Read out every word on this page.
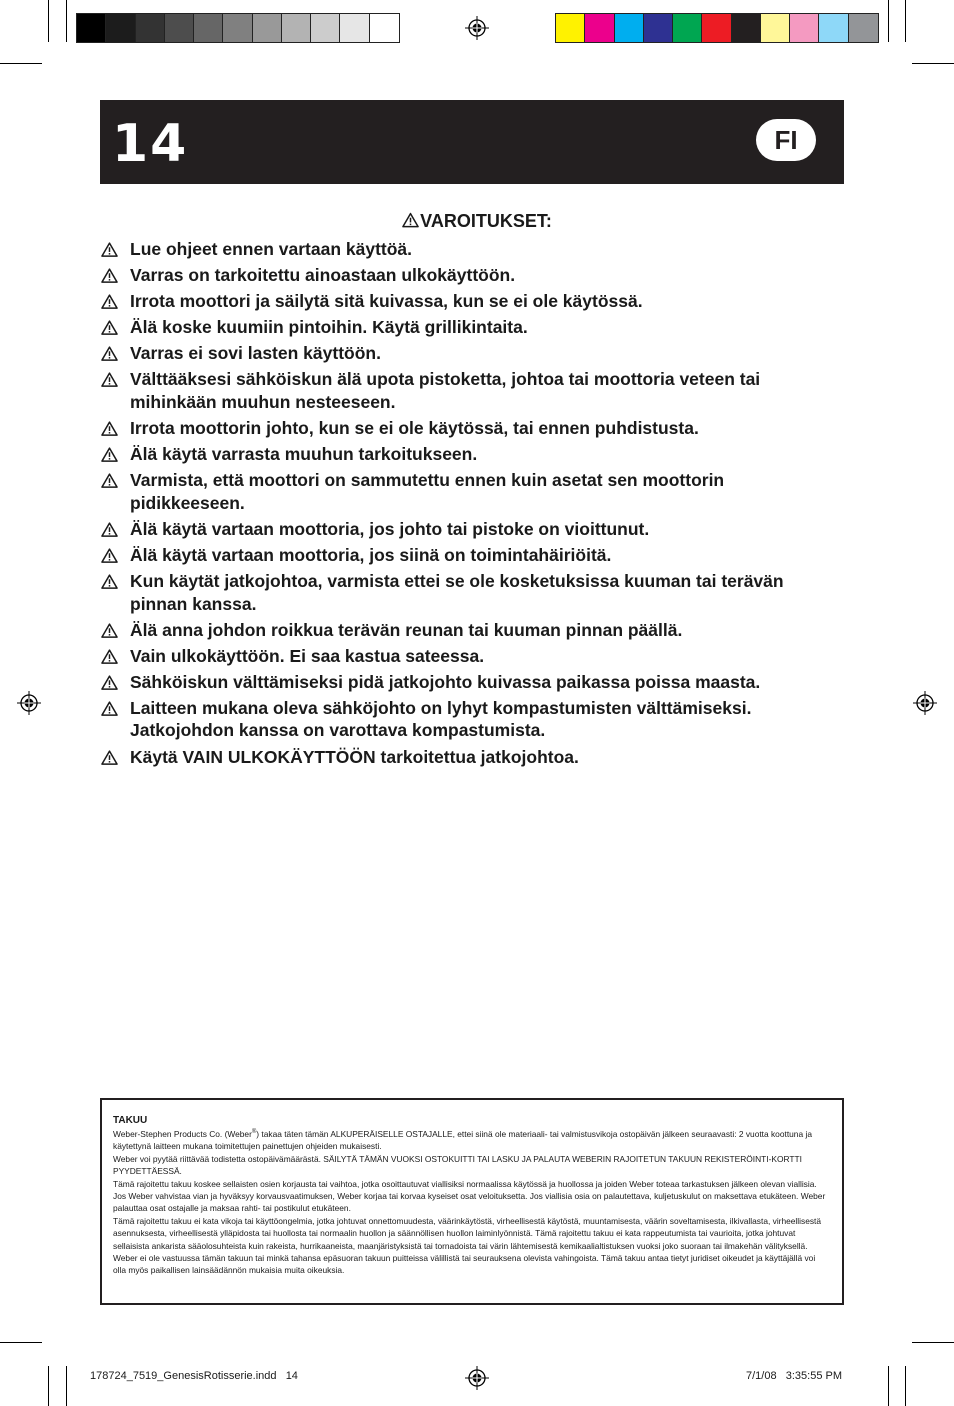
14	FI
VAROITUKSET:
Lue ohjeet ennen vartaan käyttöä.
Varras on tarkoitettu ainoastaan ulkokäyttöön.
Irrota moottori ja säilytä sitä kuivassa, kun se ei ole käytössä.
Älä koske kuumiin pintoihin. Käytä grillikintaita.
Varras ei sovi lasten käyttöön.
Välttääksesi sähköiskun älä upota pistoketta, johtoa tai moottoria veteen tai mihinkään muuhun nesteeseen.
Irrota moottorin johto, kun se ei ole käytössä, tai ennen puhdistusta.
Älä käytä varrasta muuhun tarkoitukseen.
Varmista, että moottori on sammutettu ennen kuin asetat sen moottorin pidikkeeseen.
Älä käytä vartaan moottoria, jos johto tai pistoke on vioittunut.
Älä käytä vartaan moottoria, jos siinä on toimintahäiriöitä.
Kun käytät jatkojohtoa, varmista ettei se ole kosketuksissa kuuman tai terävän pinnan kanssa.
Älä anna johdon roikkua terävän reunan tai kuuman pinnan päällä.
Vain ulkokäyttöön. Ei saa kastua sateessa.
Sähköiskun välttämiseksi pidä jatkojohto kuivassa paikassa poissa maasta.
Laitteen mukana oleva sähköjohto on lyhyt kompastumisten välttämiseksi. Jatkojohdon kanssa on varottava kompastumista.
Käytä VAIN ULKOKÄYTTÖÖN tarkoitettua jatkojohtoa.
TAKUU

Weber-Stephen Products Co. (Weber®) takaa täten tämän ALKUPERÄISELLE OSTAJALLE, ettei siinä ole materiaali- tai valmistusvikoja ostopäivän jälkeen seuraavasti: 2 vuotta koottuna ja käytettynä laitteen mukana toimitettujen painettujen ohjeiden mukaisesti.

Weber voi pyytää riittävää todistetta ostopäivämäärästä. SÄILYTÄ TÄMÄN VUOKSI OSTOKUITTI TAI LASKU JA PALAUTA WEBERIN RAJOITETUN TAKUUN REKISTERÖINTI-KORTTI PYYDETTÄESSÄ.

Tämä rajoitettu takuu koskee sellaisten osien korjausta tai vaihtoa, jotka osoittautuvat viallisiksi normaalissa käytössä ja huollossa ja joiden Weber toteaa tarkastuksen jälkeen olevan viallisia. Jos Weber vahvistaa vian ja hyväksyy korvausvaatimuksen, Weber korjaa tai korvaa kyseiset osat veloituksetta. Jos viallisia osia on palautettava, kuljetuskulut on maksettava etukäteen. Weber palauttaa osat ostajalle ja maksaa rahti- tai postikulut etukäteen.

Tämä rajoitettu takuu ei kata vikoja tai käyttöongelmia, jotka johtuvat onnettomuudesta, väärinkäytöstä, virheellisestä käytöstä, muuntamisesta, väärin soveltamisesta, ilkivallasta, virheellisestä asennuksesta, virheellisestä ylläpidosta tai huollosta tai normaalin huollon ja säännöllisen huollon laiminlyönnistä. Tämä rajoitettu takuu ei kata rappeutumista tai vaurioita, jotka johtuvat sellaisista ankarista sääolosuhteista kuin rakeista, hurrikaaneista, maanjäristyksistä tai tornadoista tai värin lähtemisestä kemikaalialtistuksen vuoksi joko suoraan tai ilmakehän välityksellä. Weber ei ole vastuussa tämän takuun tai minkä tahansa epäsuoran takuun puitteissa välillistä tai seurauksena olevista vahingoista. Tämä takuu antaa tietyt juridiset oikeudet ja käyttäjällä voi olla myös paikallisen lainsäädännön mukaisia muita oikeuksia.

178724_7519_GenesisRotisserie.indd   14	7/1/08   3:35:55 PM
